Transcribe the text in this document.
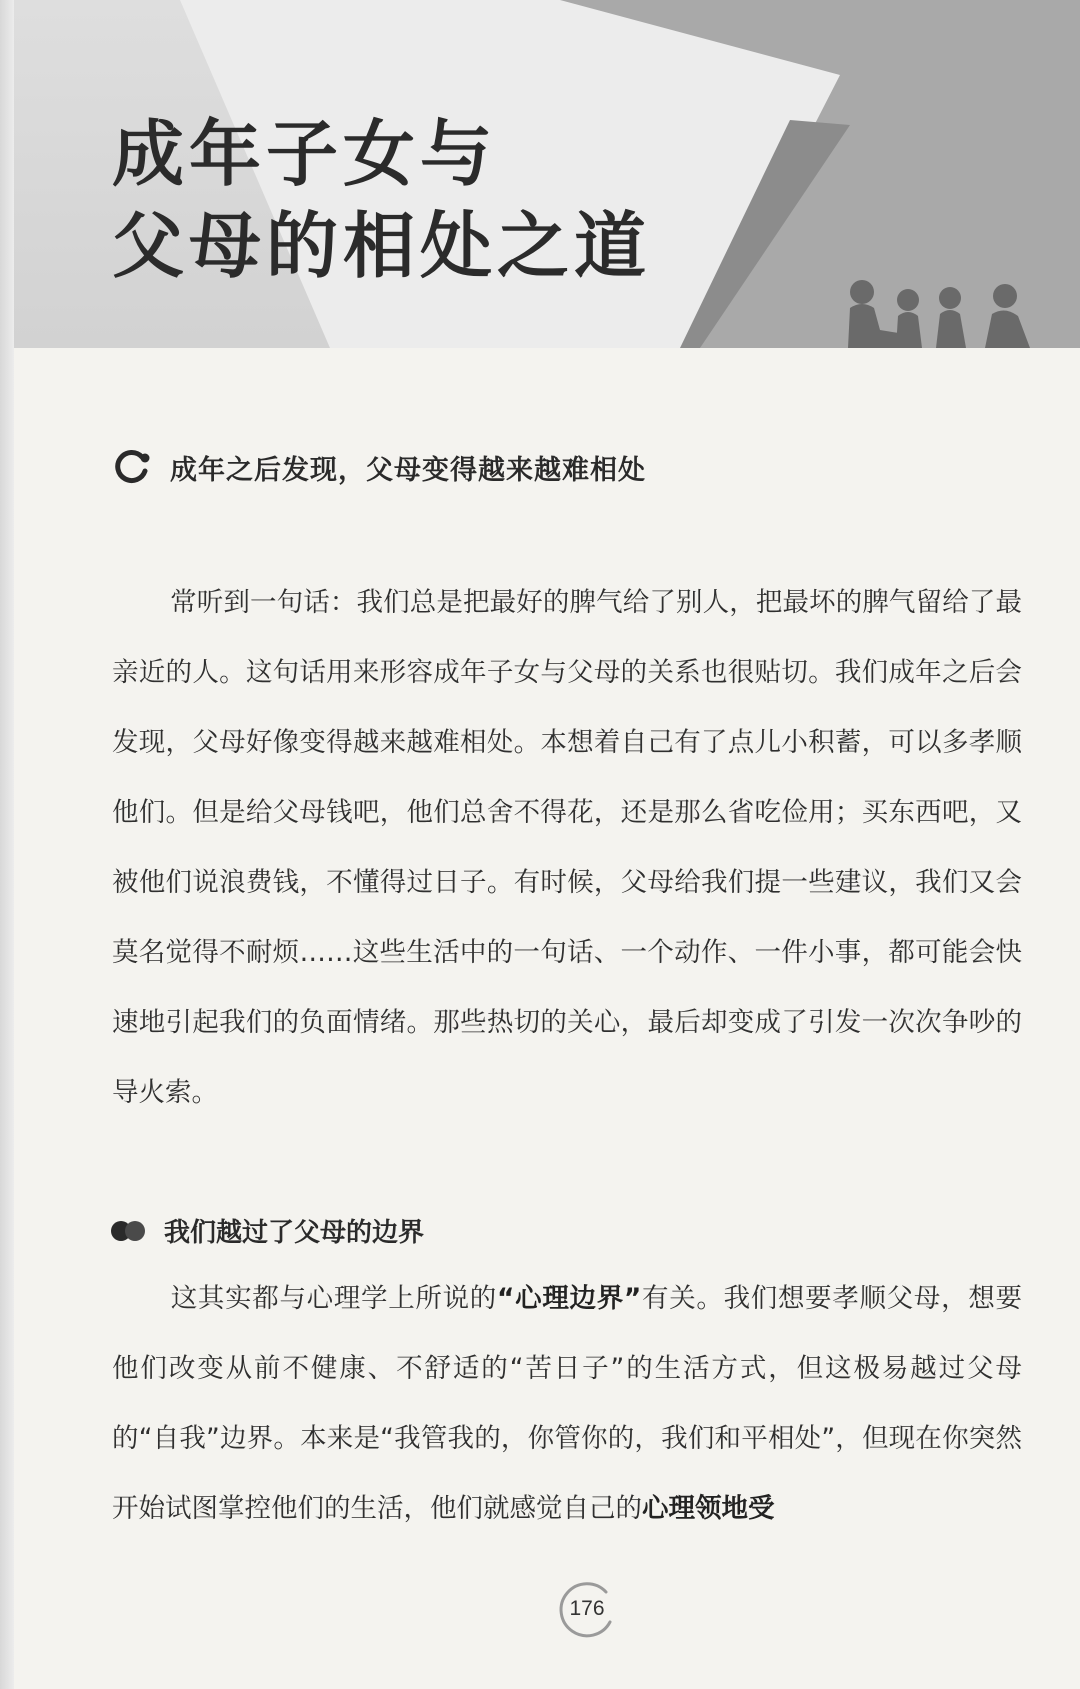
成年子女与
父母的相处之道
成年之后发现，父母变得越来越难相处

常听到一句话：我们总是把最好的脾气给了别人，把最坏的脾气留给了最亲近的人。这句话用来形容成年子女与父母的关系也很贴切。我们成年之后会发现，父母好像变得越来越难相处。本想着自己有了点儿小积蓄，可以多孝顺他们。但是给父母钱吧，他们总舍不得花，还是那么省吃俭用；买东西吧，又被他们说浪费钱，不懂得过日子。有时候，父母给我们提一些建议，我们又会莫名觉得不耐烦……这些生活中的一句话、一个动作、一件小事，都可能会快速地引起我们的负面情绪。那些热切的关心，最后却变成了引发一次次争吵的导火索。

我们越过了父母的边界

这其实都与心理学上所说的“心理边界”有关。我们想要孝顺父母，想要他们改变从前不健康、不舒适的“苦日子”的生活方式，但这极易越过父母的“自我”边界。本来是“我管我的，你管你的，我们和平相处”，但现在你突然开始试图掌控他们的生活，他们就感觉自己的心理领地受

176
